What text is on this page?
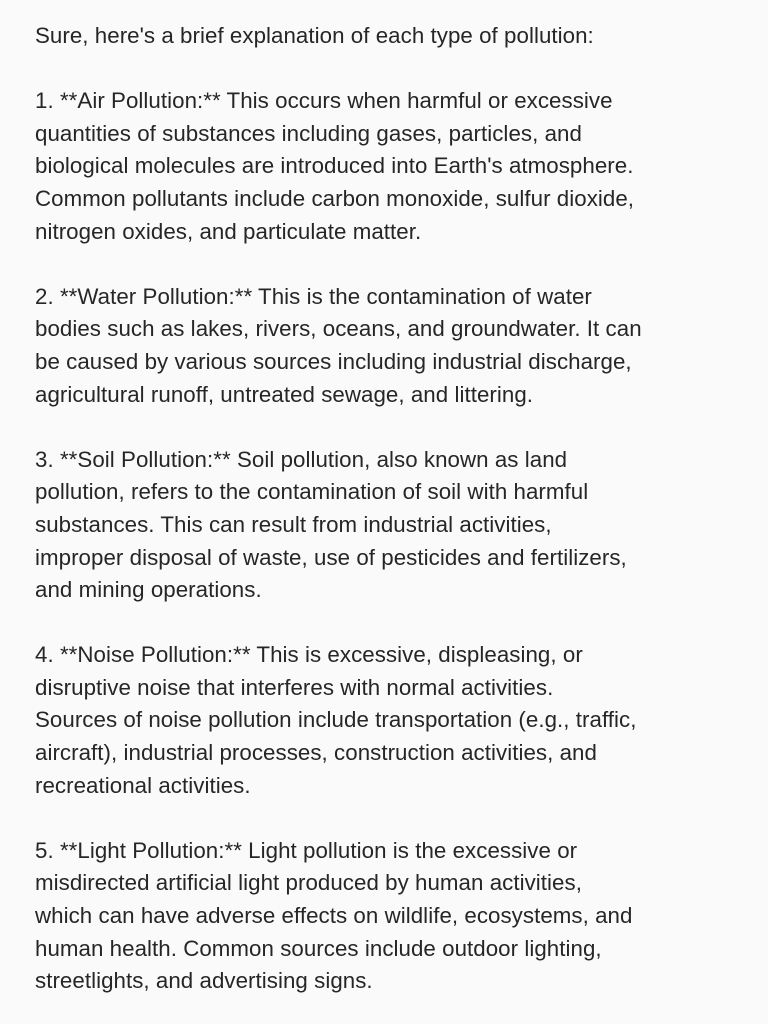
Sure, here's a brief explanation of each type of pollution:
1. **Air Pollution:** This occurs when harmful or excessive
quantities of substances including gases, particles, and
biological molecules are introduced into Earth's atmosphere.
Common pollutants include carbon monoxide, sulfur dioxide,
nitrogen oxides, and particulate matter.
2. **Water Pollution:** This is the contamination of water
bodies such as lakes, rivers, oceans, and groundwater. It can
be caused by various sources including industrial discharge,
agricultural runoff, untreated sewage, and littering.
3. **Soil Pollution:** Soil pollution, also known as land
pollution, refers to the contamination of soil with harmful
substances. This can result from industrial activities,
improper disposal of waste, use of pesticides and fertilizers,
and mining operations.
4. **Noise Pollution:** This is excessive, displeasing, or
disruptive noise that interferes with normal activities.
Sources of noise pollution include transportation (e.g., traffic,
aircraft), industrial processes, construction activities, and
recreational activities.
5. **Light Pollution:** Light pollution is the excessive or
misdirected artificial light produced by human activities,
which can have adverse effects on wildlife, ecosystems, and
human health. Common sources include outdoor lighting,
streetlights, and advertising signs.
